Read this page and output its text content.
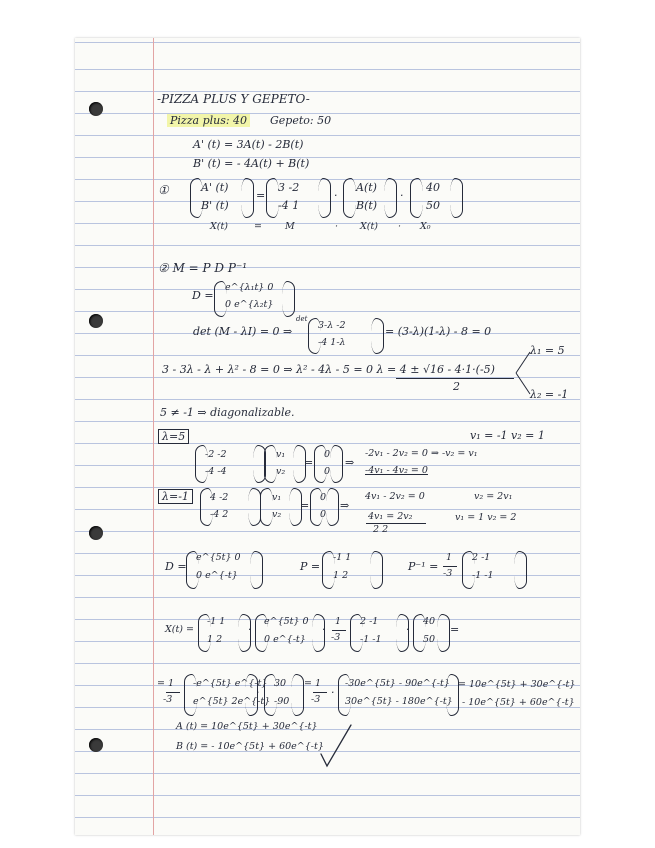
-PIZZA PLUS Y GEPETO-
Pizza plus: 40 Gepeto: 50
A' (t) = 3A(t) - 2B(t)
B' (t) = - 4A(t) + B(t)
①	A' (t)
B' (t)
=
3 -2
-4 1
·
A(t)
B(t)
·
40
50
X(t)	= M	· X(t) · X₀
② M = P D P⁻¹
D =
e^{λ₁t} 0
0 e^{λ₂t}
det (M - λI) = 0 ⇒
det
3-λ -2
-4 1-λ
= (3-λ)(1-λ) - 8 = 0
3 - 3λ - λ + λ² - 8 = 0 ⇒ λ² - 4λ - 5 = 0 λ = 4 ± √16 - 4·1·(-5)
2
λ₁ = 5
λ₂ = -1
5 ≠ -1 ⇒ diagonalizable.
λ=5	v₁ = -1 v₂ = 1
-2 -2
-4 -4
v₁
v₂
=
0
0
⇒
-2v₁ - 2v₂ = 0 ⇒ -v₂ = v₁
-4v₁ - 4v₂ = 0
λ=-1	4 -2
-4 2
v₁
v₂
=
0
0
⇒
4v₁ - 2v₂ = 0
4v₁ = 2v₂
2 2
v₂ = 2v₁
v₁ = 1 v₂ = 2
D =
e^{5t} 0
0 e^{-t}
P =
-1 1
1 2
P⁻¹ =
1
-3
2 -1
-1 -1
X(t) =
-1 1
1 2
·
e^{5t} 0
0 e^{-t}
·
1
-3
2 -1
-1 -1
·
40
50
=
= 1
-3
-e^{5t} e^{-t}
e^{5t} 2e^{-t}
·
30
-90
= 1
-3
·
-30e^{5t} - 90e^{-t}
30e^{5t} - 180e^{-t}
= 10e^{5t} + 30e^{-t}
- 10e^{5t} + 60e^{-t}
A (t) = 10e^{5t} + 30e^{-t}
B (t) = - 10e^{5t} + 60e^{-t}
